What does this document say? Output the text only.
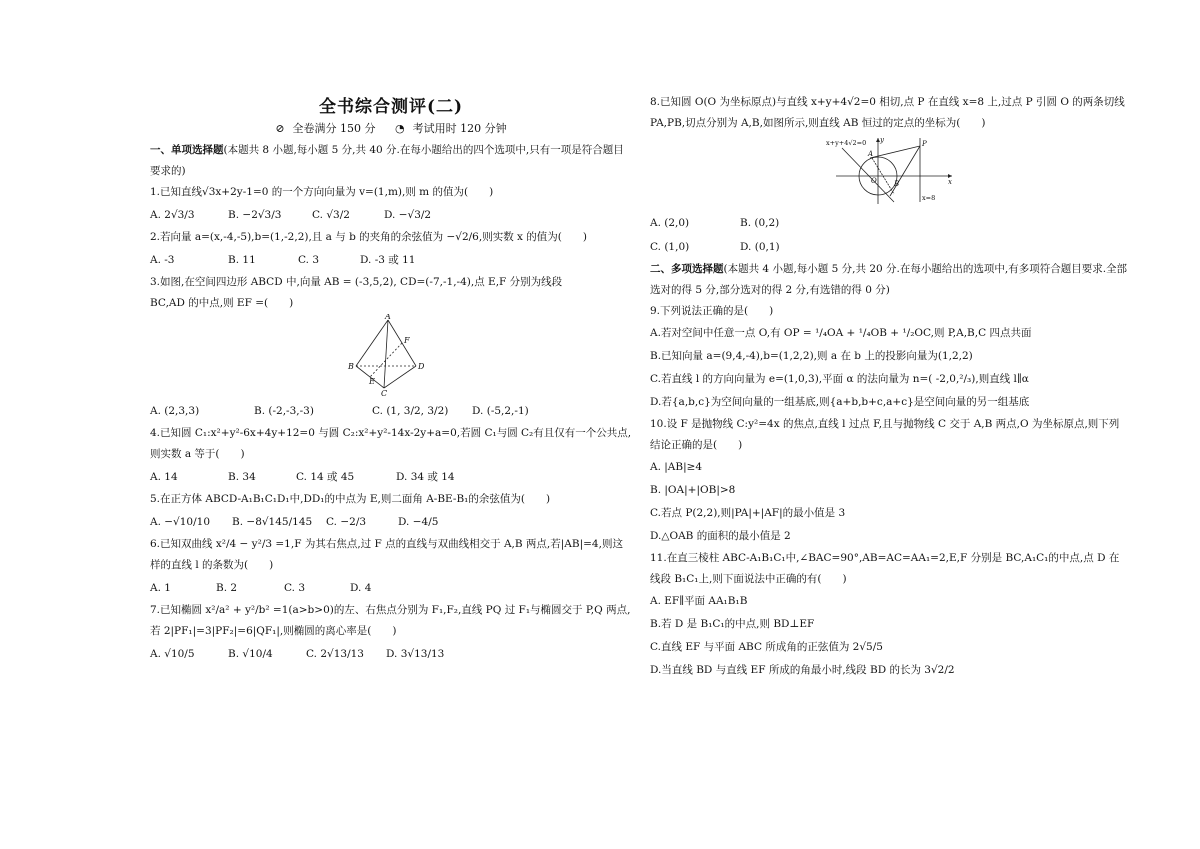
全书综合测评(二)
⊘ 全卷满分 150 分 ◔ 考试用时 120 分钟
一、单项选择题(本题共 8 小题,每小题 5 分,共 40 分.在每小题给出的四个选项中,只有一项是符合题目要求的)
1.已知直线√3x+2y-1=0 的一个方向向量为 v=(1,m),则 m 的值为(　　)
A. 2√3/3	B. −2√3/3	C. √3/2	D. −√3/2
2.若向量 a=(x,-4,-5),b=(1,-2,2),且 a 与 b 的夹角的余弦值为 −√2/6,则实数 x 的值为(　　)
A. -3	B. 11	C. 3	D. -3 或 11
3.如图,在空间四边形 ABCD 中,向量 AB = (-3,5,2), CD=(-7,-1,-4),点 E,F 分别为线段
BC,AD 的中点,则 EF =(　　)
A
B
C
D
F
E
A. (2,3,3)	B. (-2,-3,-3)	C. (1, 3/2, 3/2)	D. (-5,2,-1)
4.已知圆 C₁:x²+y²-6x+4y+12=0 与圆 C₂:x²+y²-14x-2y+a=0,若圆 C₁与圆 C₂有且仅有一个公共点,则实数 a 等于(　　)
A. 14	B. 34	C. 14 或 45	D. 34 或 14
5.在正方体 ABCD-A₁B₁C₁D₁中,DD₁的中点为 E,则二面角 A-BE-B₁的余弦值为(　　)
A. −√10/10	B. −8√145/145	C. −2/3	D. −4/5
6.已知双曲线 x²/4 − y²/3 =1,F 为其右焦点,过 F 点的直线与双曲线相交于 A,B 两点,若|AB|=4,则这样的直线 l 的条数为(　　)
A. 1	B. 2	C. 3	D. 4
7.已知椭圆 x²/a² + y²/b² =1(a>b>0)的左、右焦点分别为 F₁,F₂,直线 PQ 过 F₁与椭圆交于 P,Q 两点,若 2|PF₁|=3|PF₂|=6|QF₁|,则椭圆的离心率是(　　)
A. √10/5	B. √10/4	C. 2√13/13	D. 3√13/13
8.已知圆 O(O 为坐标原点)与直线 x+y+4√2=0 相切,点 P 在直线 x=8 上,过点 P 引圆 O 的两条切线 PA,PB,切点分别为 A,B,如图所示,则直线 AB 恒过的定点的坐标为(　　)
x+y+4√2=0
x=8
P
A
y
O B	x
A. (2,0)	B. (0,2)
C. (1,0)	D. (0,1)
二、多项选择题(本题共 4 小题,每小题 5 分,共 20 分.在每小题给出的选项中,有多项符合题目要求.全部选对的得 5 分,部分选对的得 2 分,有选错的得 0 分)
9.下列说法正确的是(　　)
A.若对空间中任意一点 O,有 OP = ¹/₄OA + ¹/₄OB + ¹/₂OC,则 P,A,B,C 四点共面
B.已知向量 a=(9,4,-4),b=(1,2,2),则 a 在 b 上的投影向量为(1,2,2)
C.若直线 l 的方向向量为 e=(1,0,3),平面 α 的法向量为 n=( -2,0,²/₃),则直线 l∥α
D.若{a,b,c}为空间向量的一组基底,则{a+b,b+c,a+c}是空间向量的另一组基底
10.设 F 是抛物线 C:y²=4x 的焦点,直线 l 过点 F,且与抛物线 C 交于 A,B 两点,O 为坐标原点,则下列结论正确的是(　　)
A. |AB|≥4
B. |OA|+|OB|>8
C.若点 P(2,2),则|PA|+|AF|的最小值是 3
D.△OAB 的面积的最小值是 2
11.在直三棱柱 ABC-A₁B₁C₁中,∠BAC=90°,AB=AC=AA₁=2,E,F 分别是 BC,A₁C₁的中点,点 D 在线段 B₁C₁上,则下面说法中正确的有(　　)
A. EF∥平面 AA₁B₁B
B.若 D 是 B₁C₁的中点,则 BD⊥EF
C.直线 EF 与平面 ABC 所成角的正弦值为 2√5/5
D.当直线 BD 与直线 EF 所成的角最小时,线段 BD 的长为 3√2/2
